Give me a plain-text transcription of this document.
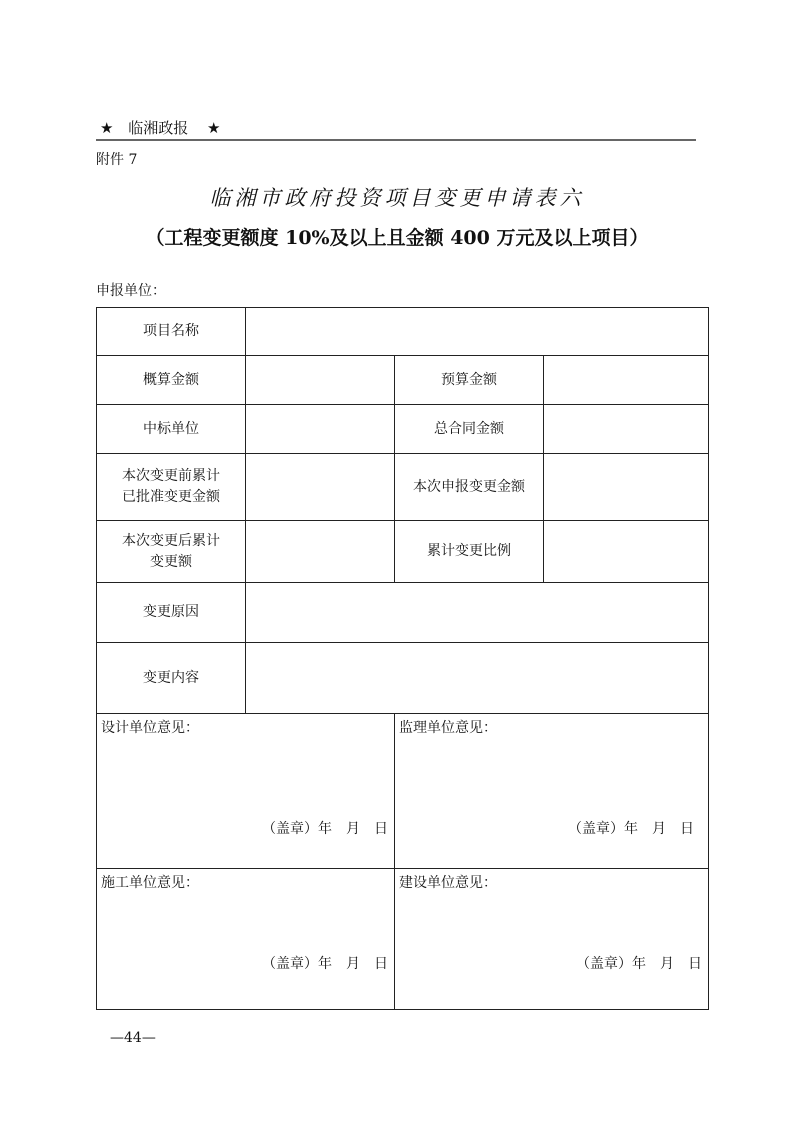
★ 临湘政报 ★
附件 7
临湘市政府投资项目变更申请表六
（工程变更额度 10%及以上且金额 400 万元及以上项目）
申报单位：
项目名称
概算金额	预算金额
中标单位	总合同金额
本次变更前累计
已批准变更金额
本次申报变更金额
本次变更后累计
变更额
累计变更比例
变更原因
变更内容
设计单位意见：
（盖章）年　月　日
监理单位意见：
（盖章）年　月　日
施工单位意见：
（盖章）年　月　日
建设单位意见：
（盖章）年　月　日
—44—
